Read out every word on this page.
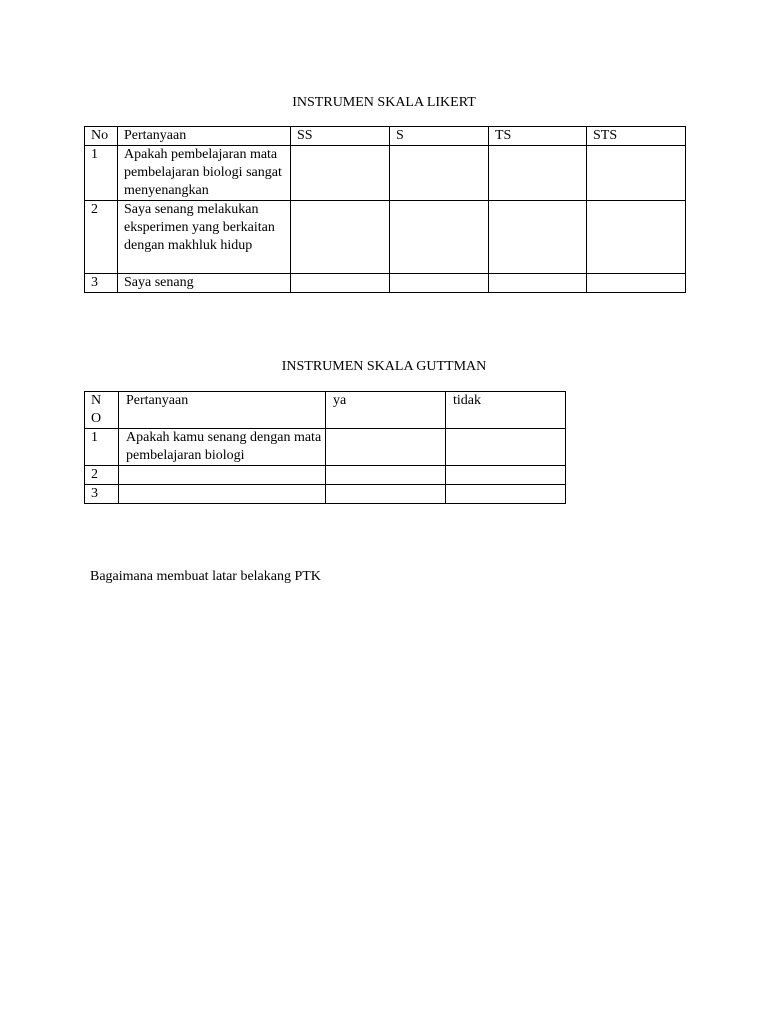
INSTRUMEN SKALA LIKERT
No	Pertanyaan	SS	S	TS	STS
1	Apakah pembelajaran mata pembelajaran biologi sangat menyenangkan				
2	Saya senang melakukan eksperimen yang berkaitan dengan makhluk hidup				
3	Saya senang				
INSTRUMEN SKALA GUTTMAN
NO	Pertanyaan	ya	tidak
1	Apakah kamu senang dengan mata pembelajaran biologi		
2			
3			
Bagaimana membuat latar belakang PTK
